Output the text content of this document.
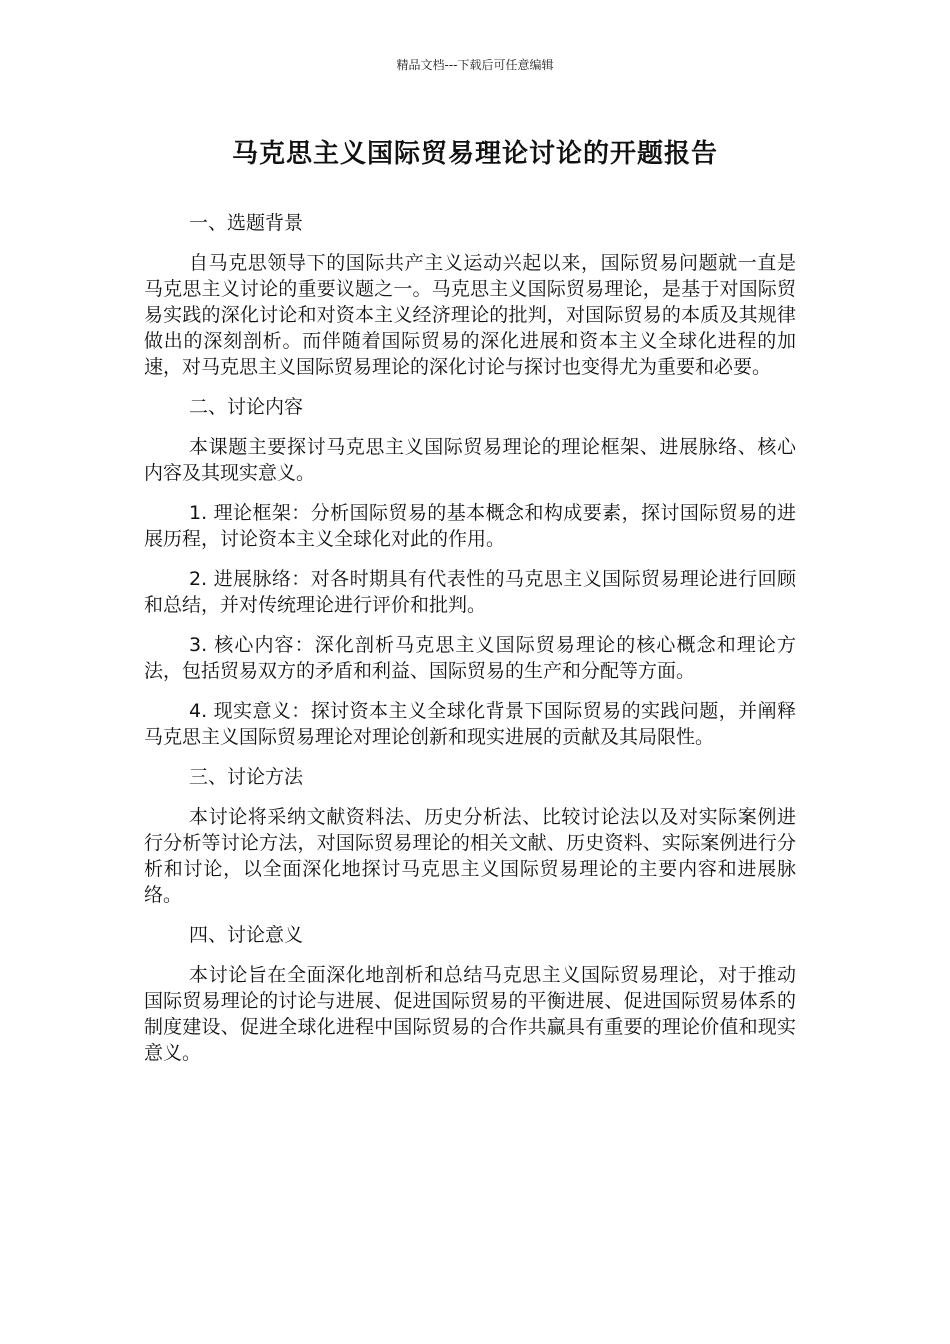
精品文档---下载后可任意编辑
马克思主义国际贸易理论讨论的开题报告

一、选题背景

自马克思领导下的国际共产主义运动兴起以来，国际贸易问题就一直是马克思主义讨论的重要议题之一。马克思主义国际贸易理论，是基于对国际贸易实践的深化讨论和对资本主义经济理论的批判，对国际贸易的本质及其规律做出的深刻剖析。而伴随着国际贸易的深化进展和资本主义全球化进程的加速，对马克思主义国际贸易理论的深化讨论与探讨也变得尤为重要和必要。

二、讨论内容

本课题主要探讨马克思主义国际贸易理论的理论框架、进展脉络、核心内容及其现实意义。

1. 理论框架：分析国际贸易的基本概念和构成要素，探讨国际贸易的进展历程，讨论资本主义全球化对此的作用。

2. 进展脉络：对各时期具有代表性的马克思主义国际贸易理论进行回顾和总结，并对传统理论进行评价和批判。

3. 核心内容：深化剖析马克思主义国际贸易理论的核心概念和理论方法，包括贸易双方的矛盾和利益、国际贸易的生产和分配等方面。

4. 现实意义：探讨资本主义全球化背景下国际贸易的实践问题，并阐释马克思主义国际贸易理论对理论创新和现实进展的贡献及其局限性。

三、讨论方法

本讨论将采纳文献资料法、历史分析法、比较讨论法以及对实际案例进行分析等讨论方法，对国际贸易理论的相关文献、历史资料、实际案例进行分析和讨论，以全面深化地探讨马克思主义国际贸易理论的主要内容和进展脉络。

四、讨论意义

本讨论旨在全面深化地剖析和总结马克思主义国际贸易理论，对于推动国际贸易理论的讨论与进展、促进国际贸易的平衡进展、促进国际贸易体系的制度建设、促进全球化进程中国际贸易的合作共赢具有重要的理论价值和现实意义。
